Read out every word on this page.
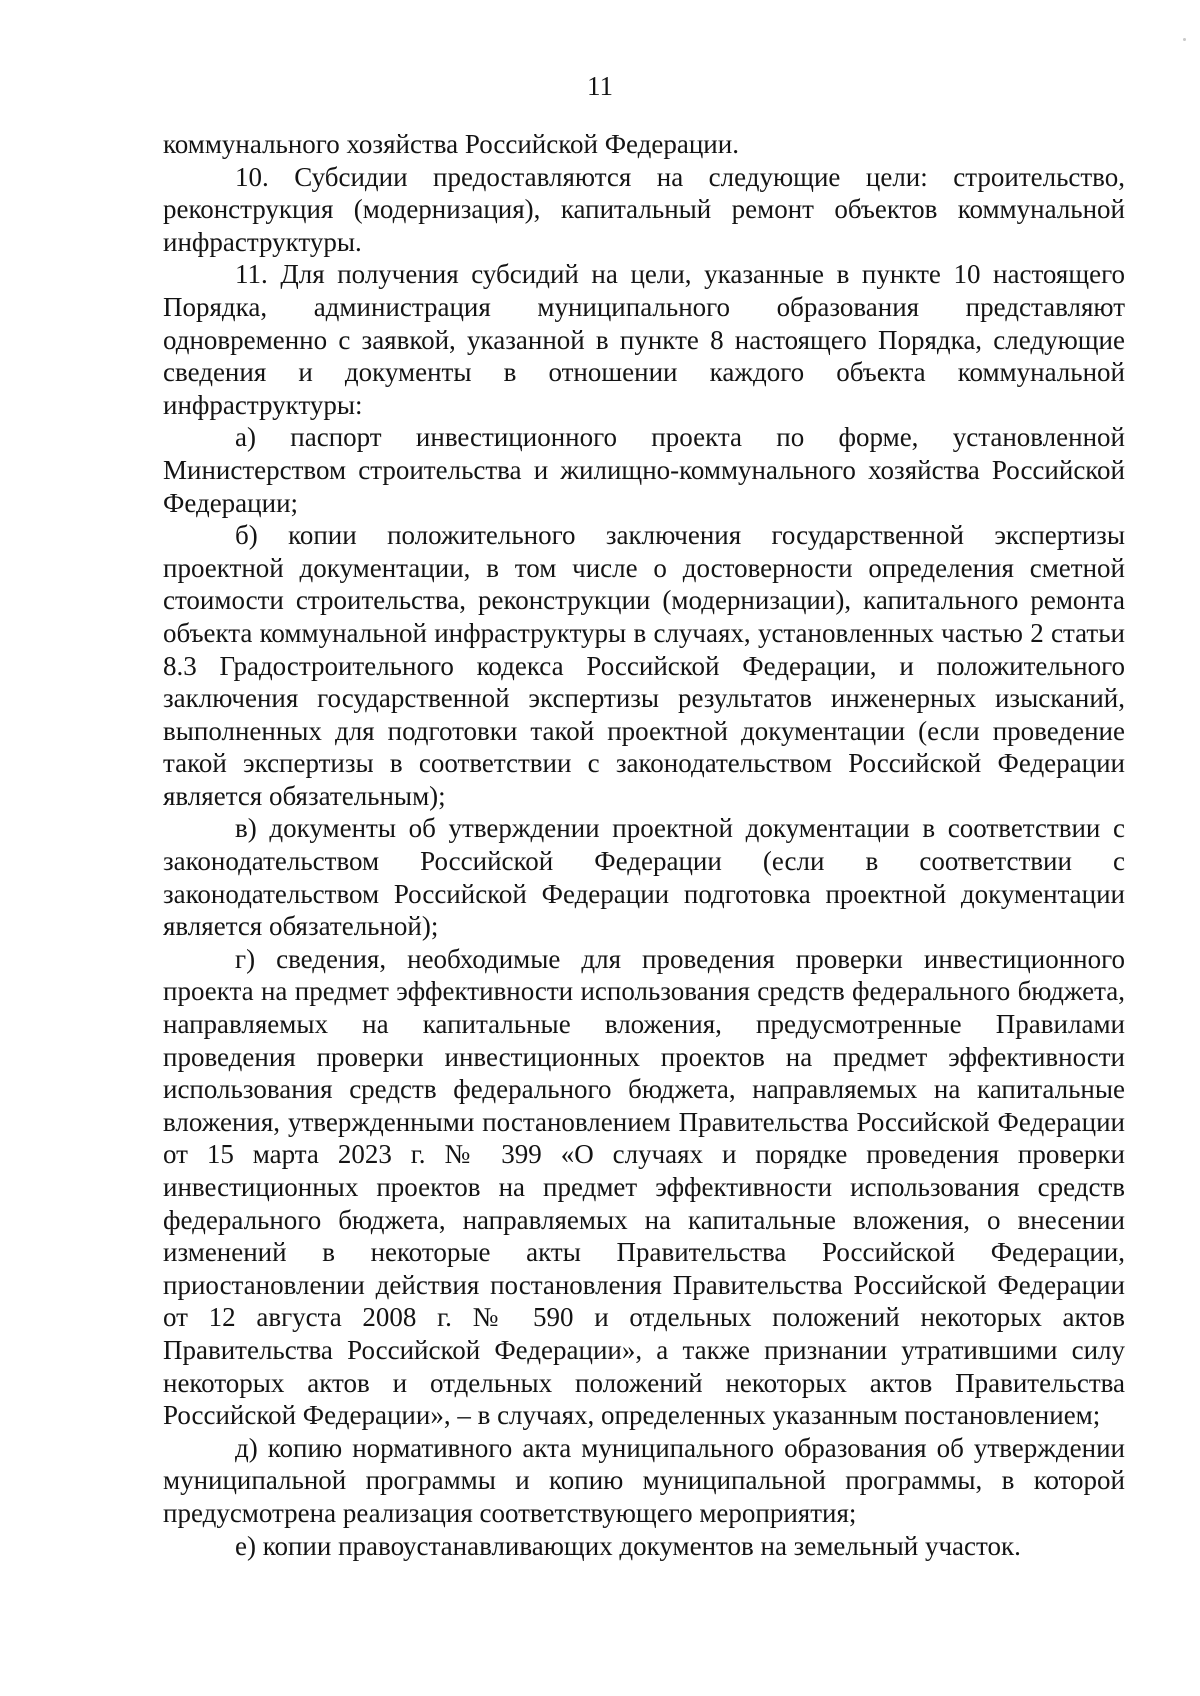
11

коммунального хозяйства Российской Федерации.

10. Субсидии предоставляются на следующие цели: строительство, реконструкция (модернизация), капитальный ремонт объектов коммунальной инфраструктуры.

11. Для получения субсидий на цели, указанные в пункте 10 настоящего Порядка, администрация муниципального образования представляют одновременно с заявкой, указанной в пункте 8 настоящего Порядка, следующие сведения и документы в отношении каждого объекта коммунальной инфраструктуры:

а) паспорт инвестиционного проекта по форме, установленной Министерством строительства и жилищно-коммунального хозяйства Российской Федерации;

б) копии положительного заключения государственной экспертизы проектной документации, в том числе о достоверности определения сметной стоимости строительства, реконструкции (модернизации), капитального ремонта объекта коммунальной инфраструктуры в случаях, установленных частью 2 статьи 8.3 Градостроительного кодекса Российской Федерации, и положительного заключения государственной экспертизы результатов инженерных изысканий, выполненных для подготовки такой проектной документации (если проведение такой экспертизы в соответствии с законодательством Российской Федерации является обязательным);

в) документы об утверждении проектной документации в соответствии с законодательством Российской Федерации (если в соответствии с законодательством Российской Федерации подготовка проектной документации является обязательной);

г) сведения, необходимые для проведения проверки инвестиционного проекта на предмет эффективности использования средств федерального бюджета, направляемых на капитальные вложения, предусмотренные Правилами проведения проверки инвестиционных проектов на предмет эффективности использования средств федерального бюджета, направляемых на капитальные вложения, утвержденными постановлением Правительства Российской Федерации от 15 марта 2023 г. № 399 «О случаях и порядке проведения проверки инвестиционных проектов на предмет эффективности использования средств федерального бюджета, направляемых на капитальные вложения, о внесении изменений в некоторые акты Правительства Российской Федерации, приостановлении действия постановления Правительства Российской Федерации от 12 августа 2008 г. № 590 и отдельных положений некоторых актов Правительства Российской Федерации», а также признании утратившими силу некоторых актов и отдельных положений некоторых актов Правительства Российской Федерации», – в случаях, определенных указанным постановлением;

д) копию нормативного акта муниципального образования об утверждении муниципальной программы и копию муниципальной программы, в которой предусмотрена реализация соответствующего мероприятия;

е) копии правоустанавливающих документов на земельный участок.
